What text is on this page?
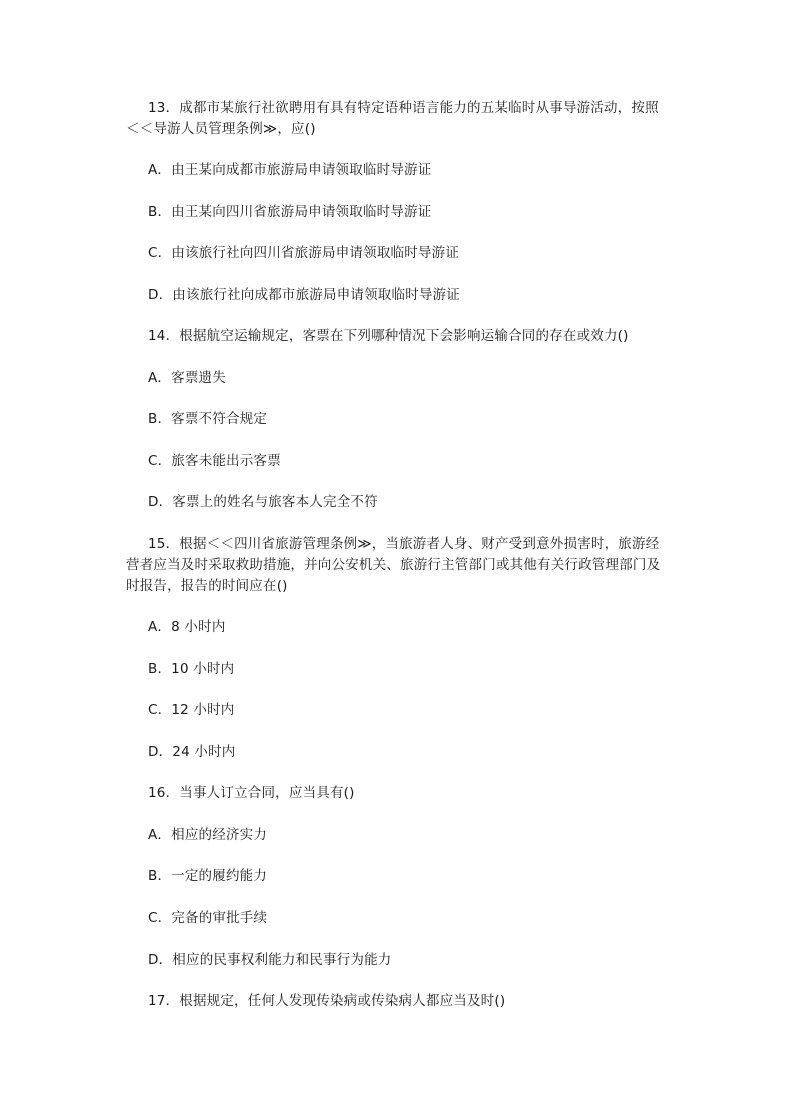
13．成都市某旅行社欲聘用有具有特定语种语言能力的五某临时从事导游活动，按照
＜＜导游人员管理条例≫，应()
A．由王某向成都市旅游局申请领取临时导游证
B．由王某向四川省旅游局申请领取临时导游证
C．由该旅行社向四川省旅游局申请领取临时导游证
D．由该旅行社向成都市旅游局申请领取临时导游证
14．根据航空运输规定，客票在下列哪种情况下会影响运输合同的存在或效力()
A．客票遗失
B．客票不符合规定
C．旅客未能出示客票
D．客票上的姓名与旅客本人完全不符
15．根据＜＜四川省旅游管理条例≫，当旅游者人身、财产受到意外损害时，旅游经
营者应当及时采取救助措施，并向公安机关、旅游行主管部门或其他有关行政管理部门及
时报告，报告的时间应在()
A．8 小时内
B．10 小时内
C．12 小时内
D．24 小时内
16．当事人订立合同，应当具有()
A．相应的经济实力
B．一定的履约能力
C．完备的审批手续
D．相应的民事权利能力和民事行为能力
17．根据规定，任何人发现传染病或传染病人都应当及时()
